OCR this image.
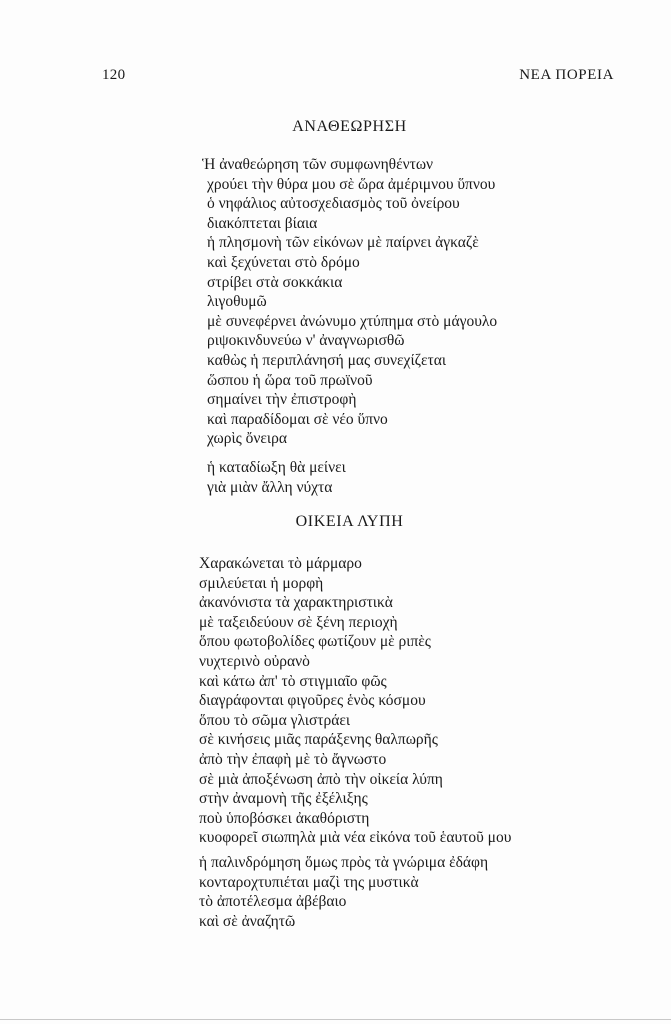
120	ΝΕΑ ΠΟΡΕΙΑ
ΑΝΑΘΕΩΡΗΣΗ
Ἡ ἀναθεώρηση τῶν συμφωνηθέντων
χρούει τὴν θύρα μου σὲ ὥρα ἀμέριμνου ὕπνου
ὁ νηφάλιος αὐτοσχεδιασμὸς τοῦ ὀνείρου
διακόπτεται βίαια
ἡ πλησμονὴ τῶν εἰκόνων μὲ παίρνει ἀγκαζὲ
καὶ ξεχύνεται στὸ δρόμο
στρίβει στὰ σοκκάκια
λιγοθυμῶ
μὲ συνεφέρνει ἀνώνυμο χτύπημα στὸ μάγουλο
ριψοκινδυνεύω ν' ἀναγνωρισθῶ
καθὼς ἡ περιπλάνησή μας συνεχίζεται
ὥσπου ἡ ὥρα τοῦ πρωϊνοῦ
σημαίνει τὴν ἐπιστροφὴ
καὶ παραδίδομαι σὲ νέο ὕπνο
χωρὶς ὄνειρα
ἡ καταδίωξη θὰ μείνει
γιὰ μιὰν ἄλλη νύχτα
ΟΙΚΕΙΑ ΛΥΠΗ
Χαρακώνεται τὸ μάρμαρο
σμιλεύεται ἡ μορφὴ
ἀκανόνιστα τὰ χαρακτηριστικὰ
μὲ ταξειδεύουν σὲ ξένη περιοχὴ
ὅπου φωτοβολίδες φωτίζουν μὲ ριπὲς
νυχτερινὸ οὐρανὸ
καὶ κάτω ἀπ' τὸ στιγμιαῖο φῶς
διαγράφονται φιγοῦρες ἑνὸς κόσμου
ὅπου τὸ σῶμα γλιστράει
σὲ κινήσεις μιᾶς παράξενης θαλπωρῆς
ἀπὸ τὴν ἐπαφὴ μὲ τὸ ἄγνωστο
σὲ μιὰ ἀποξένωση ἀπὸ τὴν οἰκεία λύπη
στὴν ἀναμονὴ τῆς ἐξέλιξης
ποὺ ὑποβόσκει ἀκαθόριστη
κυοφορεῖ σιωπηλὰ μιὰ νέα εἰκόνα τοῦ ἑαυτοῦ μου
ἡ παλινδρόμηση ὅμως πρὸς τὰ γνώριμα ἐδάφη
κονταροχτυπιέται μαζὶ της μυστικὰ
τὸ ἀποτέλεσμα ἀβέβαιο
καὶ σὲ ἀναζητῶ
